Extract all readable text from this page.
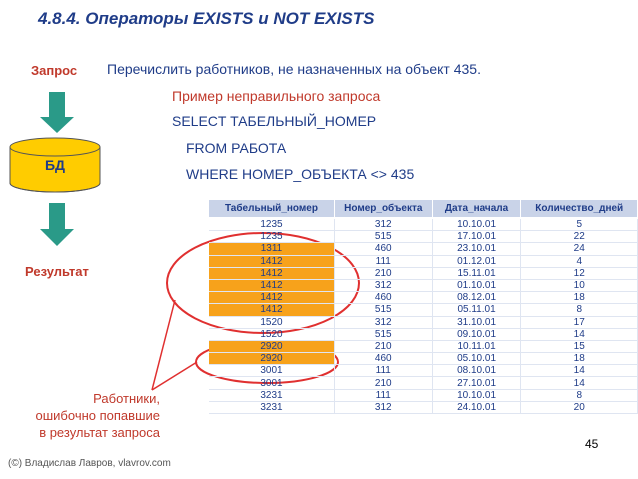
4.8.4. Операторы EXISTS и NOT EXISTS
Запрос
БД
Результат
Перечислить работников, не назначенных на объект 435.
Пример неправильного запроса
SELECT ТАБЕЛЬНЫЙ_НОМЕР
FROM РАБОТА
WHERE НОМЕР_ОБЪЕКТА <> 435
Табельный_номер	Номер_объекта	Дата_начала	Количество_дней
1235	312	10.10.01	5
1235	515	17.10.01	22
1311	460	23.10.01	24
1412	111	01.12.01	4
1412	210	15.11.01	12
1412	312	01.10.01	10
1412	460	08.12.01	18
1412	515	05.11.01	8
1520	312	31.10.01	17
1520	515	09.10.01	14
2920	210	10.11.01	15
2920	460	05.10.01	18
3001	111	08.10.01	14
3001	210	27.10.01	14
3231	111	10.10.01	8
3231	312	24.10.01	20
Работники,
ошибочно попавшие
в результат запроса
45
(©) Владислав Лавров, vlavrov.com
